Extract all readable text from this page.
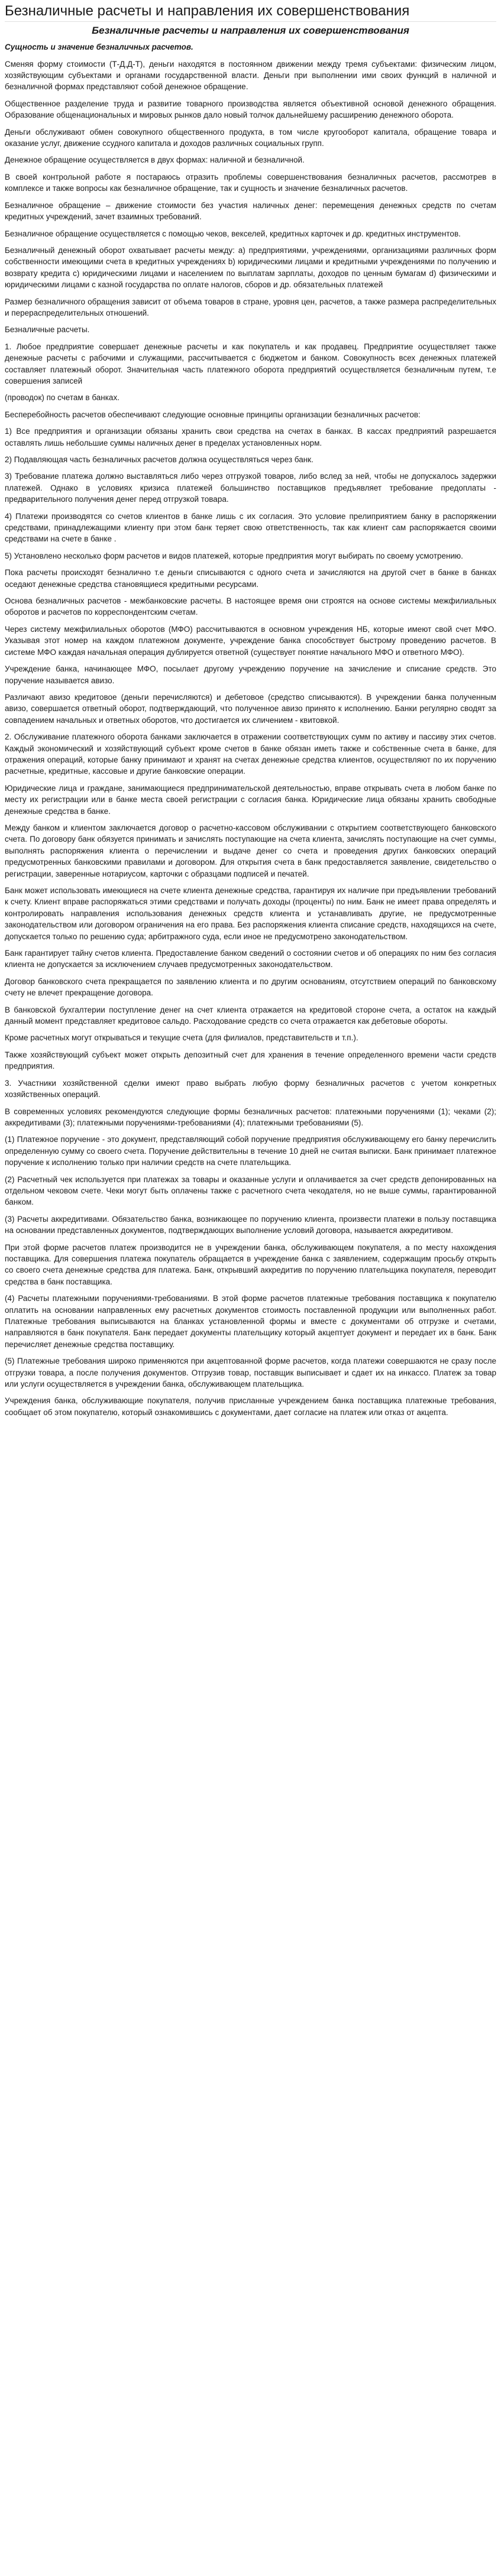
Безналичные расчеты и направления их совершенствования
Безналичные расчеты и направления их совершенствования
Сущность и значение безналичных расчетов.

Сменяя форму стоимости (Т-Д,Д-Т), деньги находятся в постоянном движении между тремя субъектами: физическим лицом, хозяйствующим субъектами и органами государственной власти. Деньги при выполнении ими своих функций в наличной и безналичной формах представляют собой денежное обращение.

Общественное разделение труда и развитие товарного производства является объективной основой денежного обращения. Образование общенациональных и мировых рынков дало новый толчок дальнейшему расширению денежного оборота.

Деньги обслуживают обмен совокупного общественного продукта, в том числе кругооборот капитала, обращение товара и оказание услуг, движение ссудного капитала и доходов различных социальных групп.

Денежное обращение осуществляется в двух формах: наличной и безналичной.

В своей контрольной работе я постараюсь отразить проблемы совершенствования безналичных расчетов, рассмотрев в комплексе и также вопросы как безналичное обращение, так и сущность и значение безналичных расчетов.

Безналичное обращение – движение стоимости без участия наличных денег: перемещения денежных средств по счетам кредитных учреждений, зачет взаимных требований.

Безналичное обращение осуществляется с помощью чеков, векселей, кредитных карточек и др. кредитных инструментов.

Безналичный денежный оборот охватывает расчеты между: а) предприятиями, учреждениями, организациями различных форм собственности имеющими счета в кредитных учреждениях b) юридическими лицами и кредитными учреждениями по получению и возврату кредита c) юридическими лицами и населением по выплатам зарплаты, доходов по ценным бумагам d) физическими и юридическими лицами с казной государства по оплате налогов, сборов и др. обязательных платежей

Размер безналичного обращения зависит от объема товаров в стране, уровня цен, расчетов, а также размера распределительных и перераспределительных отношений.

Безналичные расчеты.

1. Любое предприятие совершает денежные расчеты и как покупатель и как продавец. Предприятие осуществляет также денежные расчеты с рабочими и служащими, рассчитывается с бюджетом и банком. Совокупность всех денежных платежей составляет платежный оборот. Значительная часть платежного оборота предприятий осуществляется безналичным путем, т.е совершения записей

(проводок) по счетам в банках.

Бесперебойность расчетов обеспечивают следующие основные принципы организации безналичных расчетов:

1) Все предприятия и организации обязаны хранить свои средства на счетах в банках. В кассах предприятий разрешается оставлять лишь небольшие суммы наличных денег в пределах установленных норм.

2) Подавляющая часть безналичных расчетов должна осуществляться через банк.

3) Требование платежа должно выставляться либо через отгрузкой товаров, либо вслед за ней, чтобы не допускалось задержки платежей. Однако в условиях кризиса платежей большинство поставщиков предъявляет требование предоплаты - предварительного получения денег перед отгрузкой товара.

4) Платежи производятся со счетов клиентов в банке лишь с их согласия. Это условие прелиприятием банку в распоряжении средствами, принадлежащими клиенту при этом банк теряет свою ответственность, так как клиент сам распоряжается своими средствами на счете в банке .

5) Установлено несколько форм расчетов и видов платежей, которые предприятия могут выбирать по своему усмотрению.

Пока расчеты происходят безналично т.е деньги списываются с одного счета и зачисляются на другой счет в банке в банках оседают денежные средства становящиеся кредитными ресурсами.

Основа безналичных расчетов - межбанковские расчеты. В настоящее время они строятся на основе системы межфилиальных оборотов и расчетов по корреспондентским счетам.

Через систему межфилиальных оборотов (МФО) рассчитываются в основном учреждения НБ, которые имеют свой счет МФО. Указывая этот номер на каждом платежном документе, учреждение банка способствует быстрому проведению расчетов. В системе МФО каждая начальная операция дублируется ответной (существует понятие начального МФО и ответного МФО).

Учреждение банка, начинающее МФО, посылает другому учреждению поручение на зачисление и списание средств. Это поручение называется авизо.

Различают авизо кредитовое (деньги перечисляются) и дебетовое (средство списываются). В учреждении банка полученным авизо, совершается ответный оборот, подтверждающий, что полученное авизо принято к исполнению. Банки регулярно сводят за совпадением начальных и ответных оборотов, что достигается их сличением - квитовкой.

2. Обслуживание платежного оборота банками заключается в отражении соответствующих сумм по активу и пассиву этих счетов. Каждый экономический и хозяйствующий субъект кроме счетов в банке обязан иметь также и собственные счета в банке, для отражения операций, которые банку принимают и хранят на счетах денежные средства клиентов, осуществляют по их поручению расчетные, кредитные, кассовые и другие банковские операции.

Юридические лица и граждане, занимающиеся предпринимательской деятельностью, вправе открывать счета в любом банке по месту их регистрации или в банке места своей регистрации с согласия банка. Юридические лица обязаны хранить свободные денежные средства в банке.

Между банком и клиентом заключается договор о расчетно-кассовом обслуживании с открытием соответствующего банковского счета. По договору банк обязуется принимать и зачислять поступающие на счета клиента, зачислять поступающие на счет суммы, выполнять распоряжения клиента о перечислении и выдаче денег со счета и проведения других банковских операций предусмотренных банковскими правилами и договором. Для открытия счета в банк предоставляется заявление, свидетельство о регистрации, заверенные нотариусом, карточки с образцами подписей и печатей.

Банк может использовать имеющиеся на счете клиента денежные средства, гарантируя их наличие при предъявлении требований к счету. Клиент вправе распоряжаться этими средствами и получать доходы (проценты) по ним. Банк не имеет права определять и контролировать направления использования денежных средств клиента и устанавливать другие, не предусмотренные законодательством или договором ограничения на его права. Без распоряжения клиента списание средств, находящихся на счете, допускается только по решению суда; арбитражного суда, если иное не предусмотрено законодательством.

Банк гарантирует тайну счетов клиента. Предоставление банком сведений о состоянии счетов и об операциях по ним без согласия клиента не допускается за исключением случаев предусмотренных законодательством.

Договор банковского счета прекращается по заявлению клиента и по другим основаниям, отсутствием операций по банковскому счету не влечет прекращение договора.

В банковской бухгалтерии поступление денег на счет клиента отражается на кредитовой стороне счета, а остаток на каждый данный момент представляет кредитовое сальдо. Расходование средств со счета отражается как дебетовые обороты.

Кроме расчетных могут открываться и текущие счета (для филиалов, представительств и т.п.).

Также хозяйствующий субъект может открыть депозитный счет для хранения в течение определенного времени части средств предприятия.

3. Участники хозяйственной сделки имеют право выбрать любую форму безналичных расчетов с учетом конкретных хозяйственных операций.

В современных условиях рекомендуются следующие формы безналичных расчетов: платежными поручениями (1); чеками (2); аккредитивами (3); платежными поручениями-требованиями (4); платежными требованиями (5).

(1) Платежное поручение - это документ, представляющий собой поручение предприятия обслуживающему его банку перечислить определенную сумму со своего счета. Поручение действительны в течение 10 дней не считая выписки. Банк принимает платежное поручение к исполнению только при наличии средств на счете плательщика.

(2) Расчетный чек используется при платежах за товары и оказанные услуги и оплачивается за счет средств депонированных на отдельном чековом счете. Чеки могут быть оплачены также с расчетного счета чекодателя, но не выше суммы, гарантированной банком.

(3) Расчеты аккредитивами. Обязательство банка, возникающее по поручению клиента, произвести платежи в пользу поставщика на основании представленных документов, подтверждающих выполнение условий договора, называется аккредитивом.

При этой форме расчетов платеж производится не в учреждении банка, обслуживающем покупателя, а по месту нахождения поставщика. Для совершения платежа покупатель обращается в учреждение банка с заявлением, содержащим просьбу открыть со своего счета денежные средства для платежа. Банк, открывший аккредитив по поручению плательщика покупателя, переводит средства в банк поставщика.

(4) Расчеты платежными поручениями-требованиями. В этой форме расчетов платежные требования поставщика к покупателю оплатить на основании направленных ему расчетных документов стоимость поставленной продукции или выполненных работ. Платежные требования выписываются на бланках установленной формы и вместе с документами об отгрузке и счетами, направляются в банк покупателя. Банк передает документы плательщику который акцептует документ и передает их в банк. Банк перечисляет денежные средства поставщику.

(5) Платежные требования широко применяются при акцептованной форме расчетов, когда платежи совершаются не сразу после отгрузки товара, а после получения документов. Отгрузив товар, поставщик выписывает и сдает их на инкассо. Платеж за товар или услуги осуществляется в учреждении банка, обслуживающем плательщика.

Учреждения банка, обслуживающие покупателя, получив присланные учреждением банка поставщика платежные требования, сообщает об этом покупателю, который ознакомившись с документами, дает согласие на платеж или отказ от акцепта.
